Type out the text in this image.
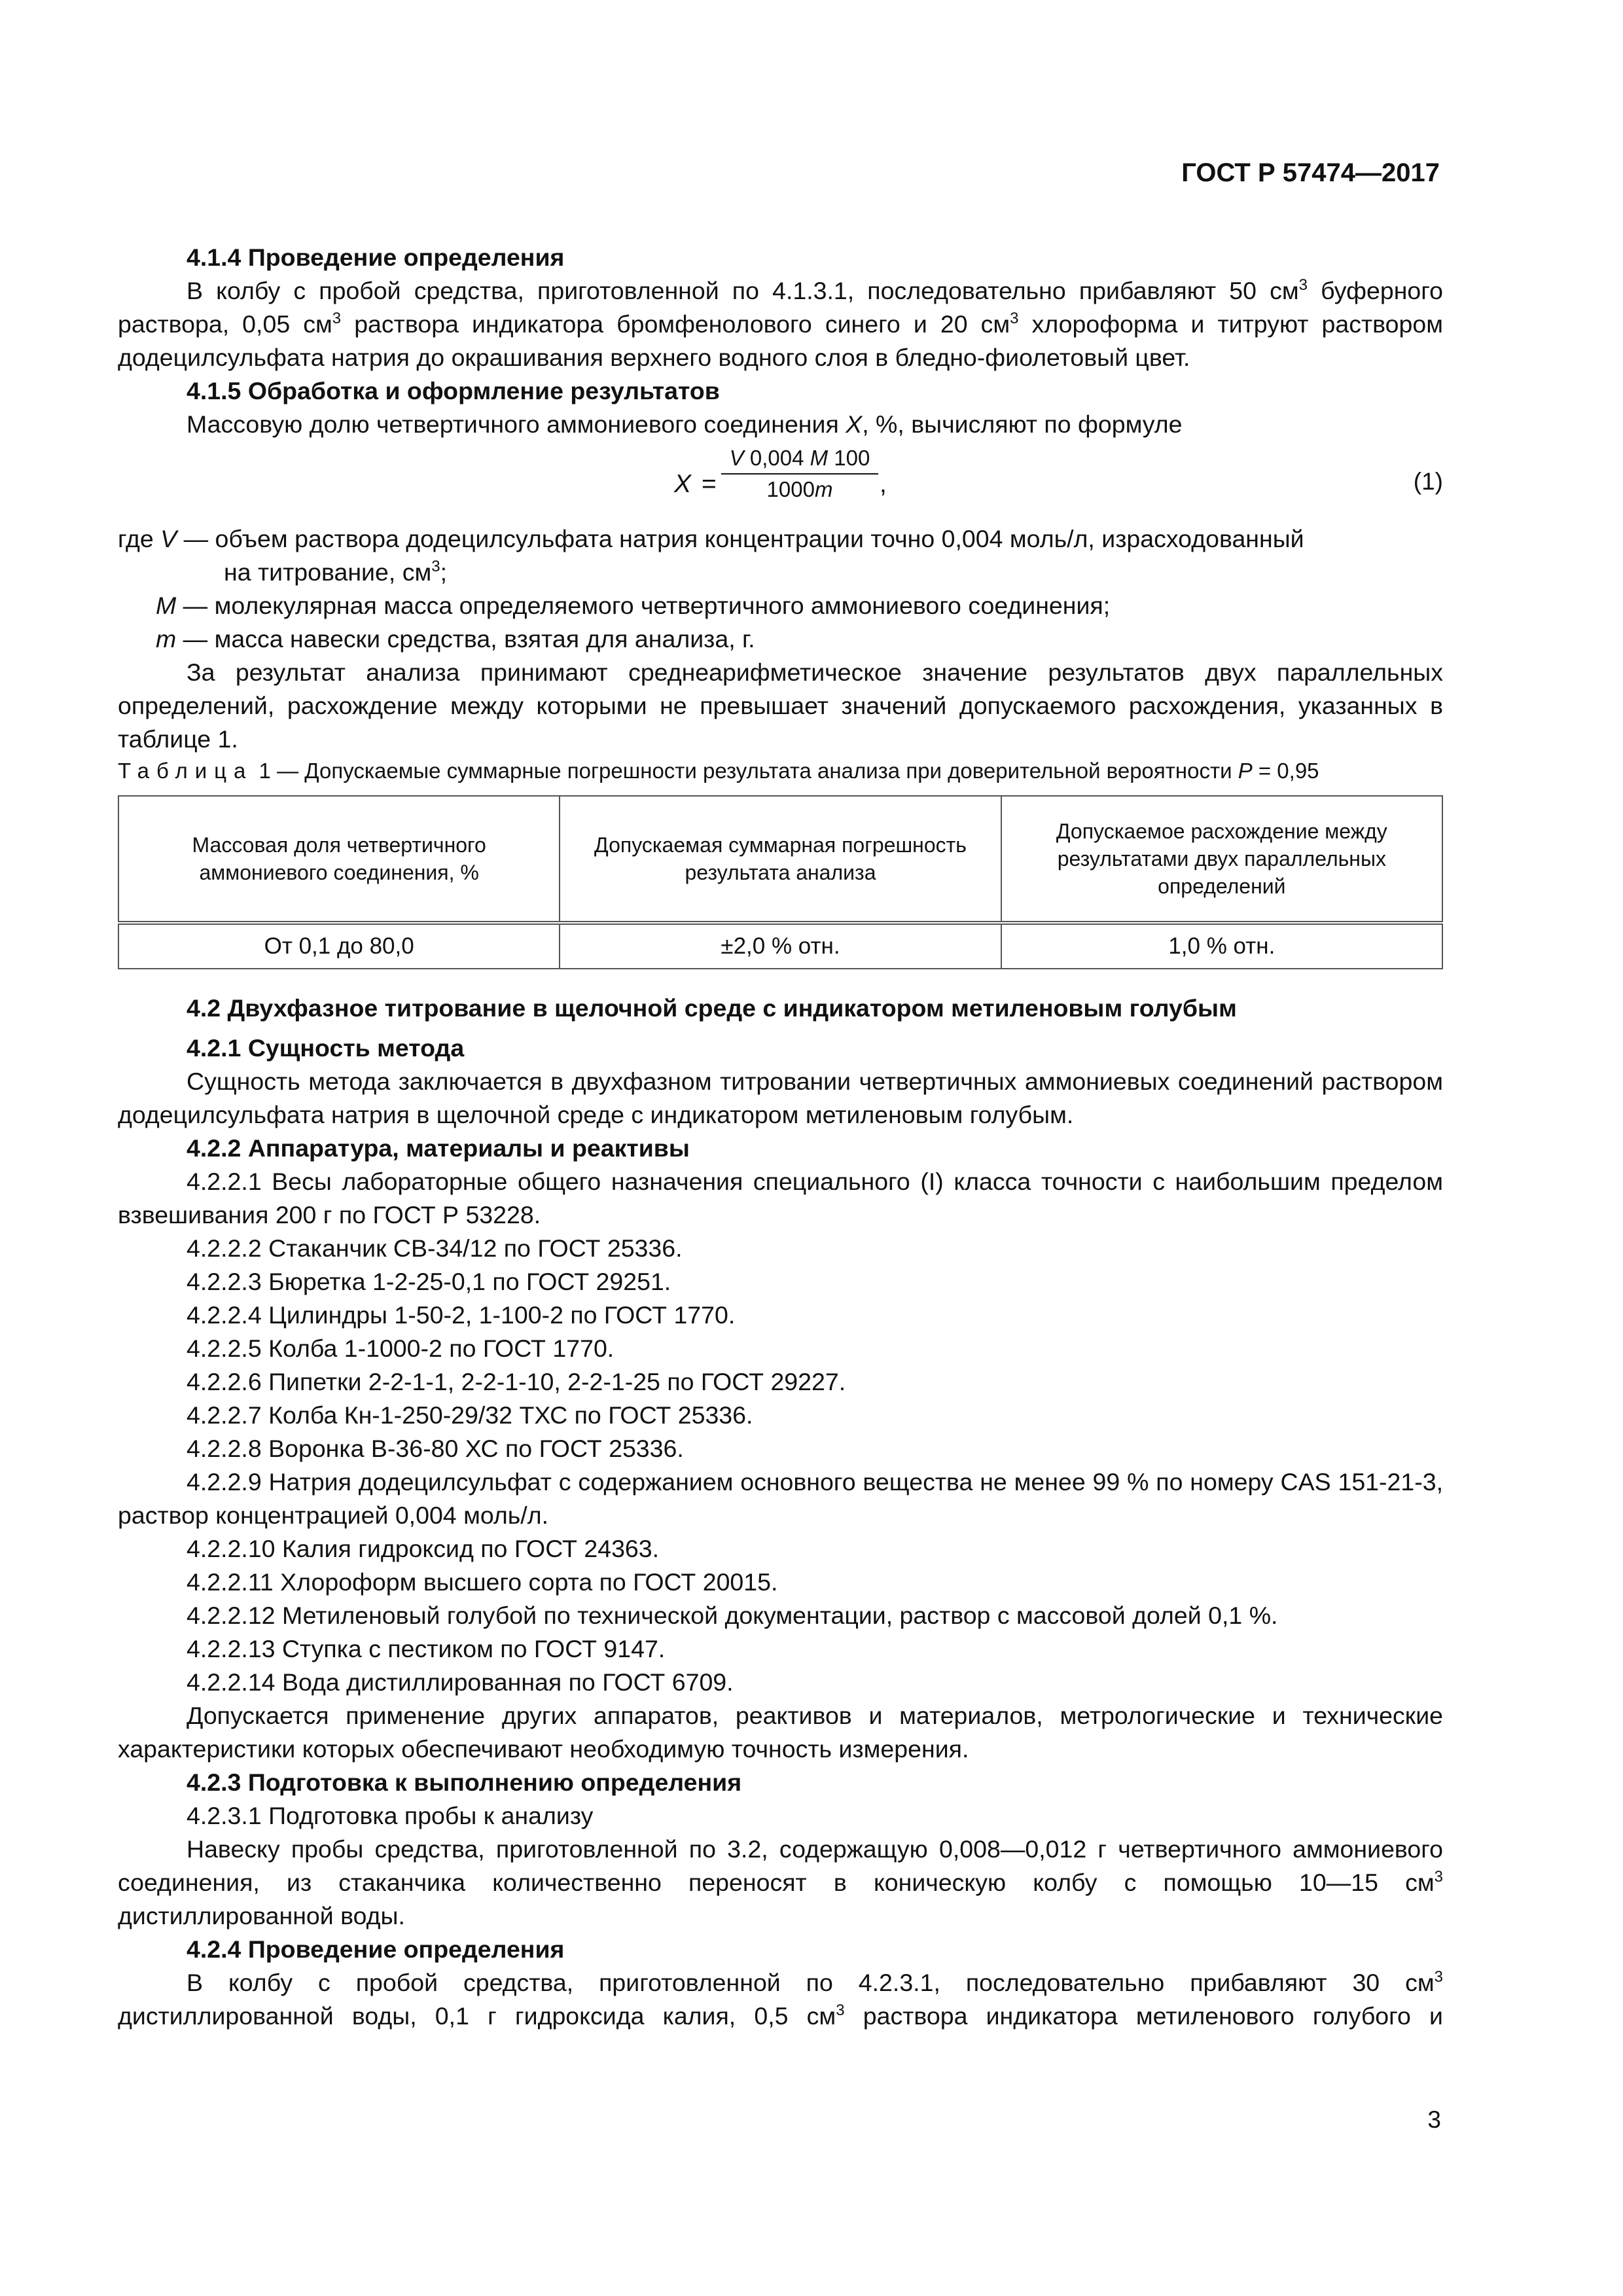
ГОСТ Р 57474—2017

4.1.4 Проведение определения

В колбу с пробой средства, приготовленной по 4.1.3.1, последовательно прибавляют 50 $см^3$ буферного раствора, 0,05 $см^3$ раствора индикатора бромфенолового синего и 20 $см^3$ хлороформа и титруют раствором додецилсульфата натрия до окрашивания верхнего водного слоя в бледно-фиолетовый цвет.

4.1.5 Обработка и оформление результатов

Массовую долю четвертичного аммониевого соединения X, %, вычисляют по формуле

X =
V 0,004 M 100
1000m	,	(1)

где V — объем раствора додецилсульфата натрия концентрации точно 0,004 моль/л, израсходованный

на титрование, $см^3$;

M — молекулярная масса определяемого четвертичного аммониевого соединения;

m — масса навески средства, взятая для анализа, г.

За результат анализа принимают среднеарифметическое значение результатов двух параллельных определений, расхождение между которыми не превышает значений допускаемого расхождения, указанных в таблице 1.

Таблица 1 — Допускаемые суммарные погрешности результата анализа при доверительной вероятности P = 0,95

Массовая доля четвертичного аммониевого соединения, %	Допускаемая суммарная погрешность результата анализа	Допускаемое расхождение между результатами двух параллельных определений
От 0,1 до 80,0	±2,0 % отн.	1,0 % отн.

4.2 Двухфазное титрование в щелочной среде с индикатором метиленовым голубым

4.2.1 Сущность метода

Сущность метода заключается в двухфазном титровании четвертичных аммониевых соединений раствором додецилсульфата натрия в щелочной среде с индикатором метиленовым голубым.

4.2.2 Аппаратура, материалы и реактивы

4.2.2.1 Весы лабораторные общего назначения специального (I) класса точности с наибольшим пределом взвешивания 200 г по ГОСТ Р 53228.

4.2.2.2 Стаканчик СВ-34/12 по ГОСТ 25336.

4.2.2.3 Бюретка 1-2-25-0,1 по ГОСТ 29251.

4.2.2.4 Цилиндры 1-50-2, 1-100-2 по ГОСТ 1770.

4.2.2.5 Колба 1-1000-2 по ГОСТ 1770.

4.2.2.6 Пипетки 2-2-1-1, 2-2-1-10, 2-2-1-25 по ГОСТ 29227.

4.2.2.7 Колба Кн-1-250-29/32 ТХС по ГОСТ 25336.

4.2.2.8 Воронка В-36-80 ХС по ГОСТ 25336.

4.2.2.9 Натрия додецилсульфат с содержанием основного вещества не менее 99 % по номеру CAS 151-21-3, раствор концентрацией 0,004 моль/л.

4.2.2.10 Калия гидроксид по ГОСТ 24363.

4.2.2.11 Хлороформ высшего сорта по ГОСТ 20015.

4.2.2.12 Метиленовый голубой по технической документации, раствор с массовой долей 0,1 %.

4.2.2.13 Ступка с пестиком по ГОСТ 9147.

4.2.2.14 Вода дистиллированная по ГОСТ 6709.

Допускается применение других аппаратов, реактивов и материалов, метрологические и технические характеристики которых обеспечивают необходимую точность измерения.

4.2.3 Подготовка к выполнению определения

4.2.3.1 Подготовка пробы к анализу

Навеску пробы средства, приготовленной по 3.2, содержащую 0,008—0,012 г четвертичного аммониевого соединения, из стаканчика количественно переносят в коническую колбу с помощью 10—15 $см^3$ дистиллированной воды.

4.2.4 Проведение определения

В колбу с пробой средства, приготовленной по 4.2.3.1, последовательно прибавляют 30 $см^3$ дистиллированной воды, 0,1 г гидроксида калия, 0,5 $см^3$ раствора индикатора метиленового голубого и

3
